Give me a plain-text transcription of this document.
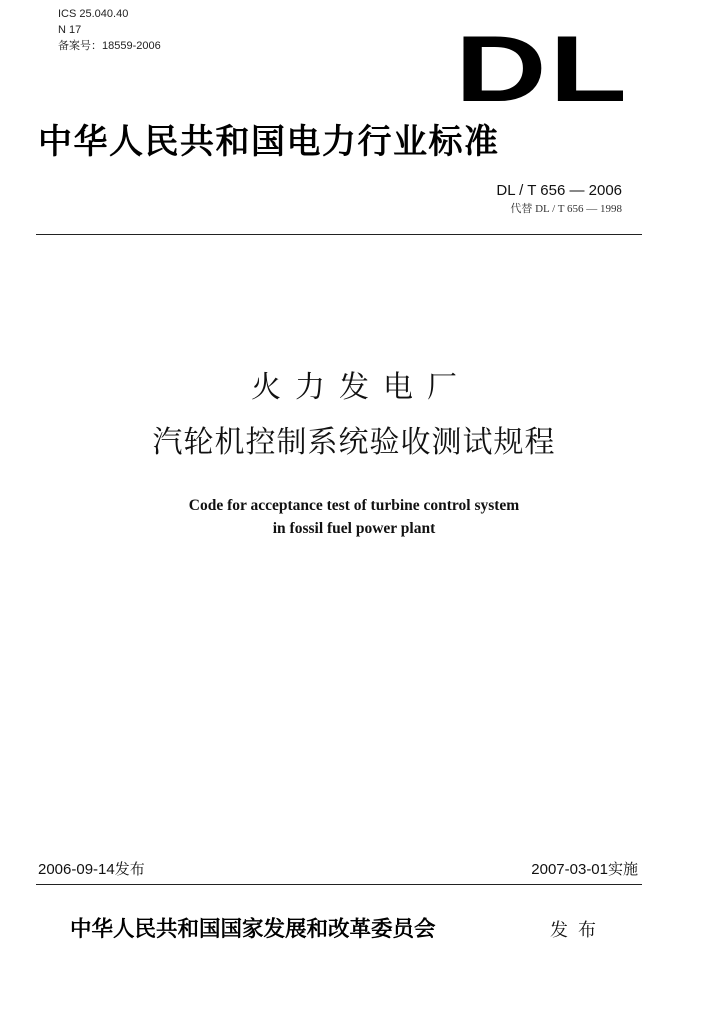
ICS 25.040.40
N 17
备案号：18559-2006	DL
中华人民共和国电力行业标准
DL / T 656 — 2006
代替 DL / T 656 — 1998
火力发电厂
汽轮机控制系统验收测试规程
Code for acceptance test of turbine control system
in fossil fuel power plant
2006-09-14发布	2007-03-01实施
中华人民共和国国家发展和改革委员会	发布
